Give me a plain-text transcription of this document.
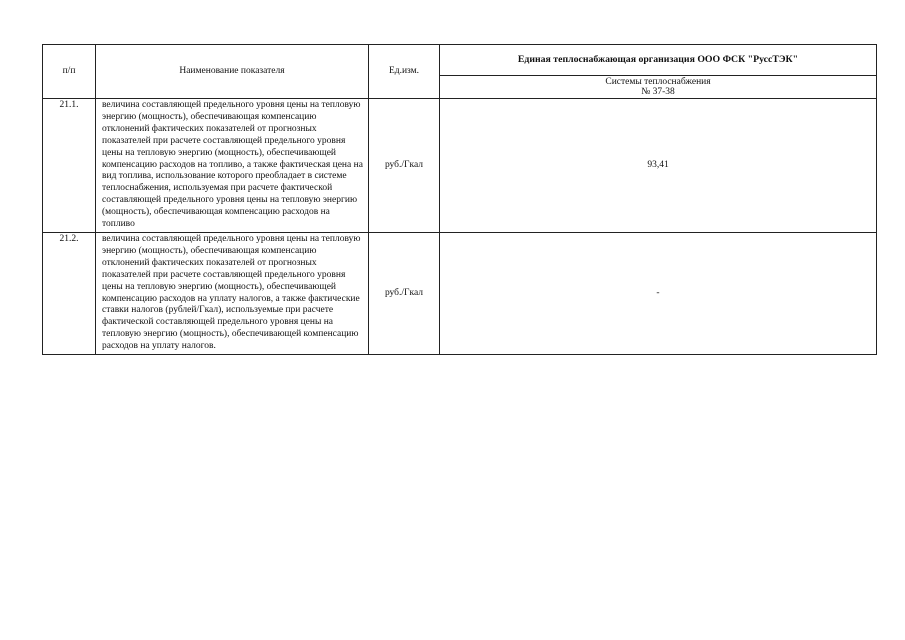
п/п	Наименование показателя	Ед.изм.	Единая теплоснабжающая организация ООО ФСК "РуссТЭК"
			Системы теплоснабжения
№ 37-38
21.1.	величина составляющей предельного уровня цены на тепловую энергию (мощность), обеспечивающая компенсацию отклонений фактических показателей от прогнозных показателей при расчете составляющей предельного уровня цены на тепловую энергию (мощность), обеспечивающей компенсацию расходов на топливо, а также фактическая цена на вид топлива, использование которого преобладает в системе теплоснабжения, используемая при расчете фактической составляющей предельного уровня цены на тепловую энергию (мощность), обеспечивающая компенсацию расходов на топливо	руб./Гкал	93,41
21.2.	величина составляющей предельного уровня цены на тепловую энергию (мощность), обеспечивающая компенсацию отклонений фактических показателей от прогнозных показателей при расчете составляющей предельного уровня цены на тепловую энергию (мощность), обеспечивающей компенсацию расходов на уплату налогов, а также фактические ставки налогов (рублей/Гкал), используемые при расчете фактической составляющей предельного уровня цены на тепловую энергию (мощность), обеспечивающей компенсацию расходов на уплату налогов.	руб./Гкал	-
